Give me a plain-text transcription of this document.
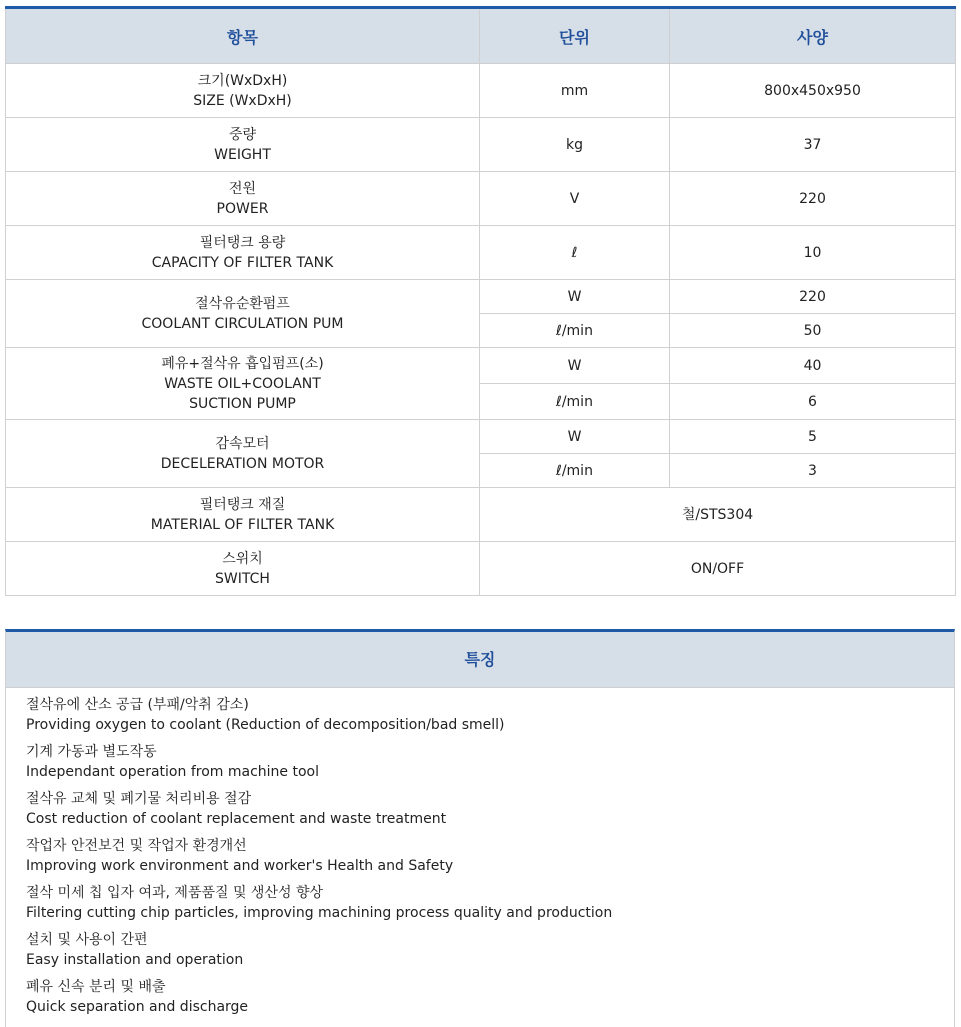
항목	단위	사양

크기(WxDxH)
SIZE (WxDxH)	mm	800x450x950

중량
WEIGHT	kg	37

전원
POWER	V	220

필터탱크 용량
CAPACITY OF FILTER TANK	ℓ	10

절삭유순환펌프
COOLANT CIRCULATION PUM	W	220
	ℓ/min	50

폐유+절삭유 흡입펌프(소)
WASTE OIL+COOLANT
SUCTION PUMP	W	40
	ℓ/min	6

감속모터
DECELERATION MOTOR	W	5
	ℓ/min	3

필터탱크 재질
MATERIAL OF FILTER TANK	철/STS304	

스위치
SWITCH	ON/OFF	
특징
절삭유에 산소 공급 (부패/악취 감소)
Providing oxygen to coolant (Reduction of decomposition/bad smell)
기계 가동과 별도작동
Independant operation from machine tool
절삭유 교체 및 폐기물 처리비용 절감
Cost reduction of coolant replacement and waste treatment
작업자 안전보건 및 작업자 환경개선
Improving work environment and worker's Health and Safety
절삭 미세 칩 입자 여과, 제품품질 및 생산성 향상
Filtering cutting chip particles, improving machining process quality and production
설치 및 사용이 간편
Easy installation and operation
폐유 신속 분리 및 배출
Quick separation and discharge
